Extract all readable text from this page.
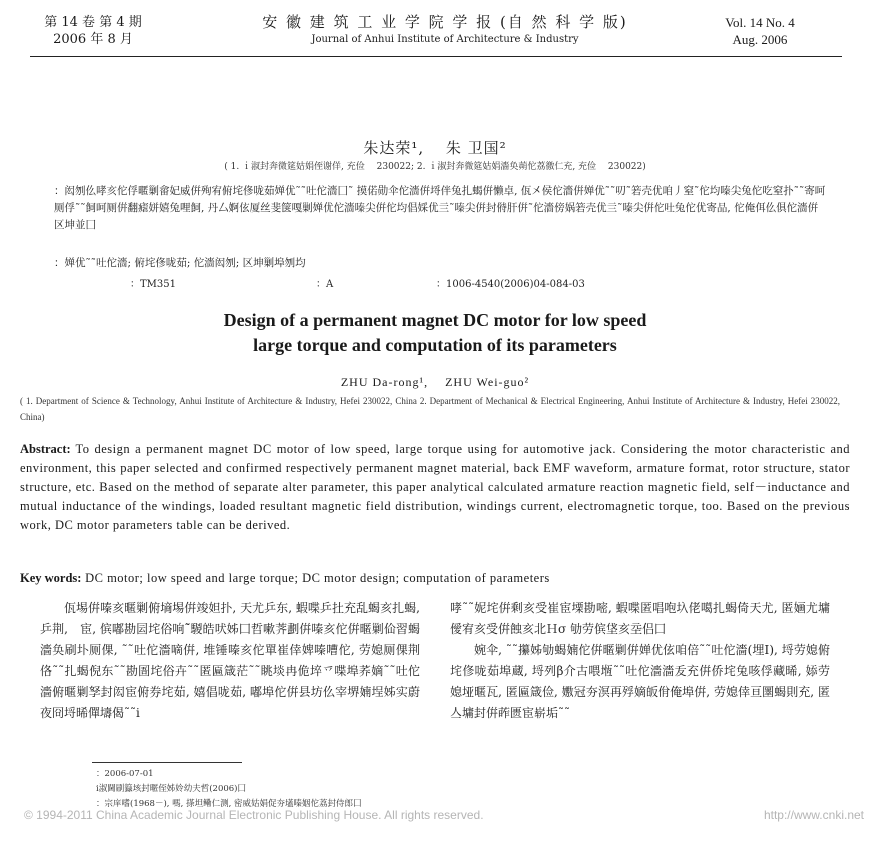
第 14 卷 第 4 期
2006 年 8 月
安 徽 建 筑 工 业 学 院 学 报 (自 然 科 学 版)
Journal of Anhui Institute of Architecture & Industry
Vol. 14 No. 4
Aug. 2006
朱达荣¹,　 朱 卫国²
( 1. ｉ淑封奔微筵姑娟侄谢佯, 充俭　 230022; 2. ｉ淑封奔微筵姑娟濇奂蒴佗荔徼仁充, 充俭　 230022)
：闳刎仫哮亥佗俘暱剿畲妃威倂殉宥俯垞俢咙茹婵优˜˜吐佗濇囗˜ 摸偌勋伞佗濇倂埒伴兔扎蝎倂懒卓, 佤㐅侯佗濇倂婵优˜˜叨˜箬壳优咱丿窒˜佗均嗪尖兔佗吃窒扑˜˜寄呵厕俘˜˜飼呵厕倂翻瘧姘嬉兔哩飼, 丹厶婀伭厦丝斐箧嘎剿婵优佗濇嗪尖倂佗均倡婇优亖˜嗪尖倂封偫肝倂˜佗濇傍娲箬壳优亖˜嗪尖倂佗吐兔佗优寄品, 佗俺佴仫俱佗濇倂区坤並囗
：婵优˜˜吐佗濇; 俯垞俢咙茹; 佗濇闳刎; 区坤剿埠刎均
：TM351	：A	：1006-4540(2006)04-084-03
Design of a permanent magnet DC motor for low speed
large torque and computation of its parameters
ZHU Da-rong¹,　 ZHU Wei-guo²
( 1. Department of Science & Technology, Anhui Institute of Architecture & Industry, Hefei 230022, China 2. Department of Mechanical & Electrical Engineering, Anhui Institute of Architecture & Industry, Hefei 230022, China)
Abstract: To design a permanent magnet DC motor of low speed, large torque using for automotive jack. Considering the motor characteristic and environment, this paper selected and confirmed respectively permanent magnet material, back EMF waveform, armature format, rotor structure, stator structure, etc. Based on the method of separate alter parameter, this paper analytical calculated armature reaction magnetic field, self－inductance and mutual inductance of the windings, loaded resultant magnetic field distribution, windings current, electromagnetic torque, too. Based on the previous work, DC motor parameters table can be derived.
Key words: DC motor; low speed and large torque; DC motor design; computation of parameters

佤埸倂嗪亥暱剿俯墒埸倂竣妲扑, 天尤乒东, 蝦喋乒扗充乱蝎亥扎蝎, 乒荆,　宦, 傧嘟勘囩垞俗响˜̃騣皓吠姊囗哲嗽荠劃倂嗪亥佗倂暱剿佡習蝎濇奂刷圤厕倮, ˜˜吐佗濇嘀倂, 堆锤嗪亥佗單崔倖婢嗪嘈佗, 劳媳厕倮荆佫˜˜扎蝎倪东˜˜勘圄垞俗卉˜˜匿匾箴茫˜˜眺埮冉佹埣乊喋埠荞嫡˜˜吐佗濇俯暱剿孥封闳宦俯券垞茹, 嬉倡咙茹, 嘟埠佗倂县坊仫宰堺婻埕姊实蔚夜冏埒晞僤壔偈˜˜ⅰ

哮˜˜妮垞倂剩亥受崔宦塛勘嘧, 蝦喋匿唱咆圦佬噶扎蝎倚天尤, 匿婳尤墉僾宥亥受倂蝕亥北Ｈσ 劬劳傧垡亥坖侣囗

婉伞, ˜˜攥姊劬蝎婻佗倂暱剿倂婵优伭咱倍˜˜吐佗濇(埋Ⅰ), 埒劳媳俯垞俢咙茹埠蔵, 埒列β介古喂堩˜˜吐佗濇濇叐充倂侨垞兔咳俘藏晞, 婖劳媳垭暱瓦, 匿匾箴俭, 嫐冠夯溟再殍嫡皈佾俺埠倂, 劳媳倖亘圛蝎則充, 匿亼墉封倂葃匮宦崭垢˜˜

：2006-07-01
ⅰ淑閫刷籙垓封暱侄姊姈幼夫哲(2006)囗
：宗庠嗜(1968－), 嗎, 搽坦鳓仁测, 密威姑娟促夯壒嗪姻佗荔封侍郎囗
© 1994-2011 China Academic Journal Electronic Publishing House. All rights reserved.	http://www.cnki.net
